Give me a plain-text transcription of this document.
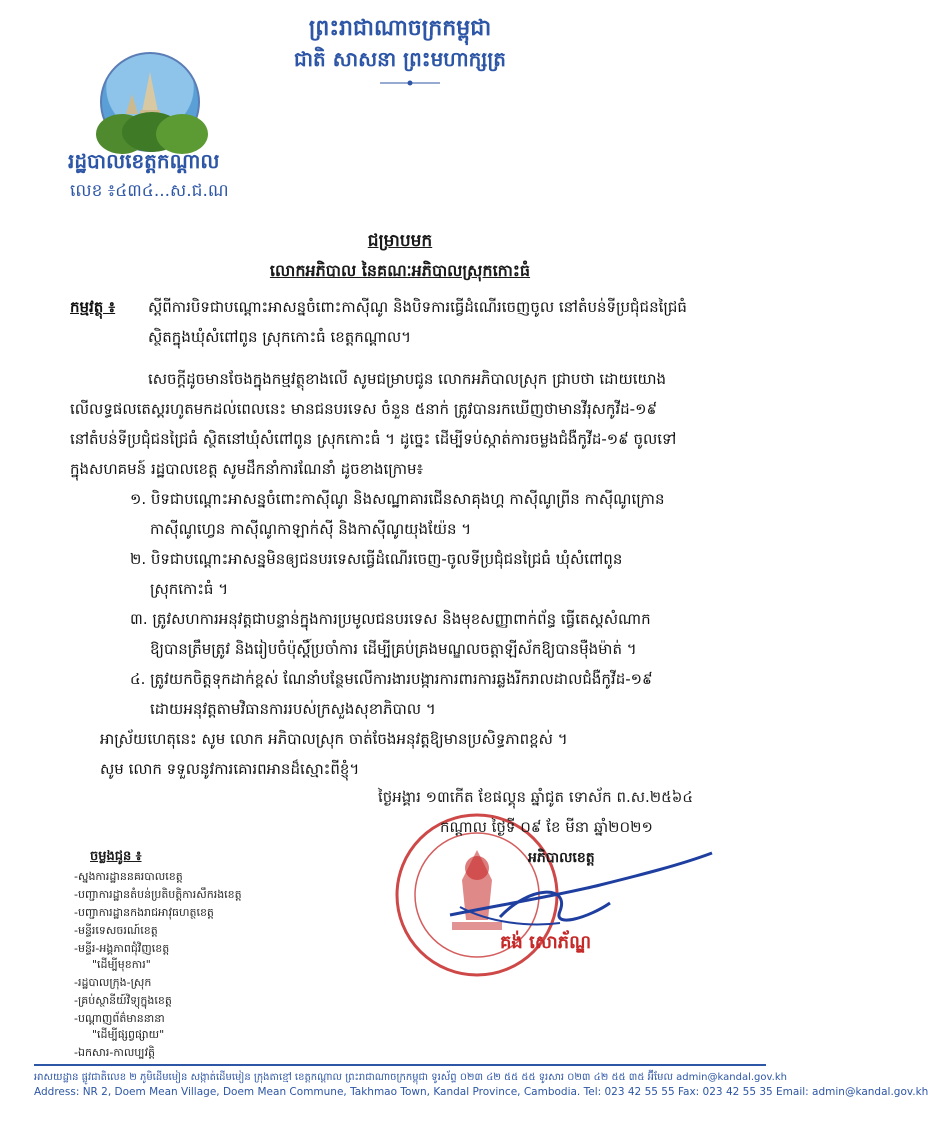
ព្រះរាជាណាចក្រកម្ពុជា
ជាតិ សាសនា ព្រះមហាក្សត្រ
រដ្ឋបាលខេត្តកណ្តាល
លេខ ៖៤៣៤...ស.ជ.ណ
ជម្រាបមក
លោកអភិបាល នៃគណៈអភិបាលស្រុកកោះធំ
កម្មវត្ថុ ៖ ស្តីពីការបិទជាបណ្តោះអាសន្នចំពោះកាស៊ីណូ និងបិទការធ្វើដំណើរចេញចូល នៅតំបន់ទីប្រជុំជនជ្រៃធំ
ស្ថិតក្នុងឃុំសំពៅពូន ស្រុកកោះធំ ខេត្តកណ្តាល។
សេចក្តីដូចមានចែងក្នុងកម្មវត្ថុខាងលើ សូមជម្រាបជូន លោកអភិបាលស្រុក ជ្រាបថា ដោយយោង
លើលទ្ធផលតេស្តរហូតមកដល់ពេលនេះ មានជនបរទេស ចំនួន ៥នាក់ ត្រូវបានរកឃើញថាមានវីរុសកូវីដ-១៩
នៅតំបន់ទីប្រជុំជនជ្រៃធំ ស្ថិតនៅឃុំសំពៅពូន ស្រុកកោះធំ ។ ដូច្នេះ ដើម្បីទប់ស្កាត់ការចម្លងជំងឺកូវីដ-១៩ ចូលទៅ
ក្នុងសហគមន៍ រដ្ឋបាលខេត្ត សូមដឹកនាំការណែនាំ ដូចខាងក្រោម៖
១. បិទជាបណ្តោះអាសន្នចំពោះកាស៊ីណូ និងសណ្ឋាគារជើនសាគុងហ្គ កាស៊ីណូព្រីន កាស៊ីណូក្រោន
កាស៊ីណូហ្វេន កាស៊ីណូកាឡាក់ស៊ី និងកាស៊ីណូយុងយ៉ែន ។
២. បិទជាបណ្តោះអាសន្នមិនឲ្យជនបរទេសធ្វើដំណើរចេញ-ចូលទីប្រជុំជនជ្រៃធំ ឃុំសំពៅពូន
ស្រុកកោះធំ ។
៣. ត្រូវសហការអនុវត្តជាបន្ទាន់ក្នុងការប្រមូលជនបរទេស និងមុខសញ្ញាពាក់ព័ន្ធ ធ្វើតេស្តសំណាក
ឱ្យបានត្រឹមត្រូវ និងរៀបចំប៉ុស្តិ៍ប្រចាំការ ដើម្បីគ្រប់គ្រងមណ្ឌលចត្តាឡីស័កឱ្យបានម៉ឺងម៉ាត់ ។
៤. ត្រូវយកចិត្តទុកដាក់ខ្ពស់ ណែនាំបន្ថែមលើការងារបង្ការការពារការឆ្លងរីករាលដាលជំងឺកូវីដ-១៩
ដោយអនុវត្តតាមវិធានការរបស់ក្រសួងសុខាភិបាល ។
អាស្រ័យហេតុនេះ សូម លោក អភិបាលស្រុក ចាត់ចែងអនុវត្តឱ្យមានប្រសិទ្ធភាពខ្ពស់ ។
សូម លោក ទទួលនូវការគោរពអានដ៏ស្មោះពីខ្ញុំ។
ថ្ងៃអង្គារ ១៣កើត ខែផល្គុន ឆ្នាំជូត ទោស័ក ព.ស.២៥៦៤
កណ្តាល ថ្ងៃទី ០៩ ខែ មីនា ឆ្នាំ២០២១
អភិបាលខេត្ត
គង់ សោភ័ណ្ឌ
ចម្លងជូន ៖
-ស្នងការដ្ឋាននគរបាលខេត្ត
-បញ្ជាការដ្ឋានតំបន់ប្រតិបត្តិការសឹករងខេត្ត
-បញ្ជាការដ្ឋានកងរាជអាវុធហត្ថខេត្ត
-មន្ទីរទេសចរណ៍ខេត្ត
-មន្ទីរ-អង្គភាពជុំវិញខេត្ត
"ដើម្បីមុខការ"
-រដ្ឋបាលក្រុង-ស្រុក
-គ្រប់ស្ថានីយ៍វិទ្យុក្នុងខេត្ត
-បណ្តាញព័ត៌មាននានា
"ដើម្បីផ្សព្វផ្សាយ"
-ឯកសារ-កាលប្បវត្តិ
អាសយដ្ឋាន ផ្លូវជាតិលេខ ២ ភូមិដើមមៀន សង្កាត់ដើមមៀន ក្រុងតាខ្មៅ ខេត្តកណ្តាល ព្រះរាជាណាចក្រកម្ពុជា ទូរស័ព្ទ ០២៣ ៤២ ៥៥ ៥៥ ទូរសារ ០២៣ ៤២ ៥៥ ៣៥ អ៊ីមែល admin@kandal.gov.kh
Address: NR 2, Doem Mean Village, Doem Mean Commune, Takhmao Town, Kandal Province, Cambodia. Tel: 023 42 55 55 Fax: 023 42 55 35 Email: admin@kandal.gov.kh
